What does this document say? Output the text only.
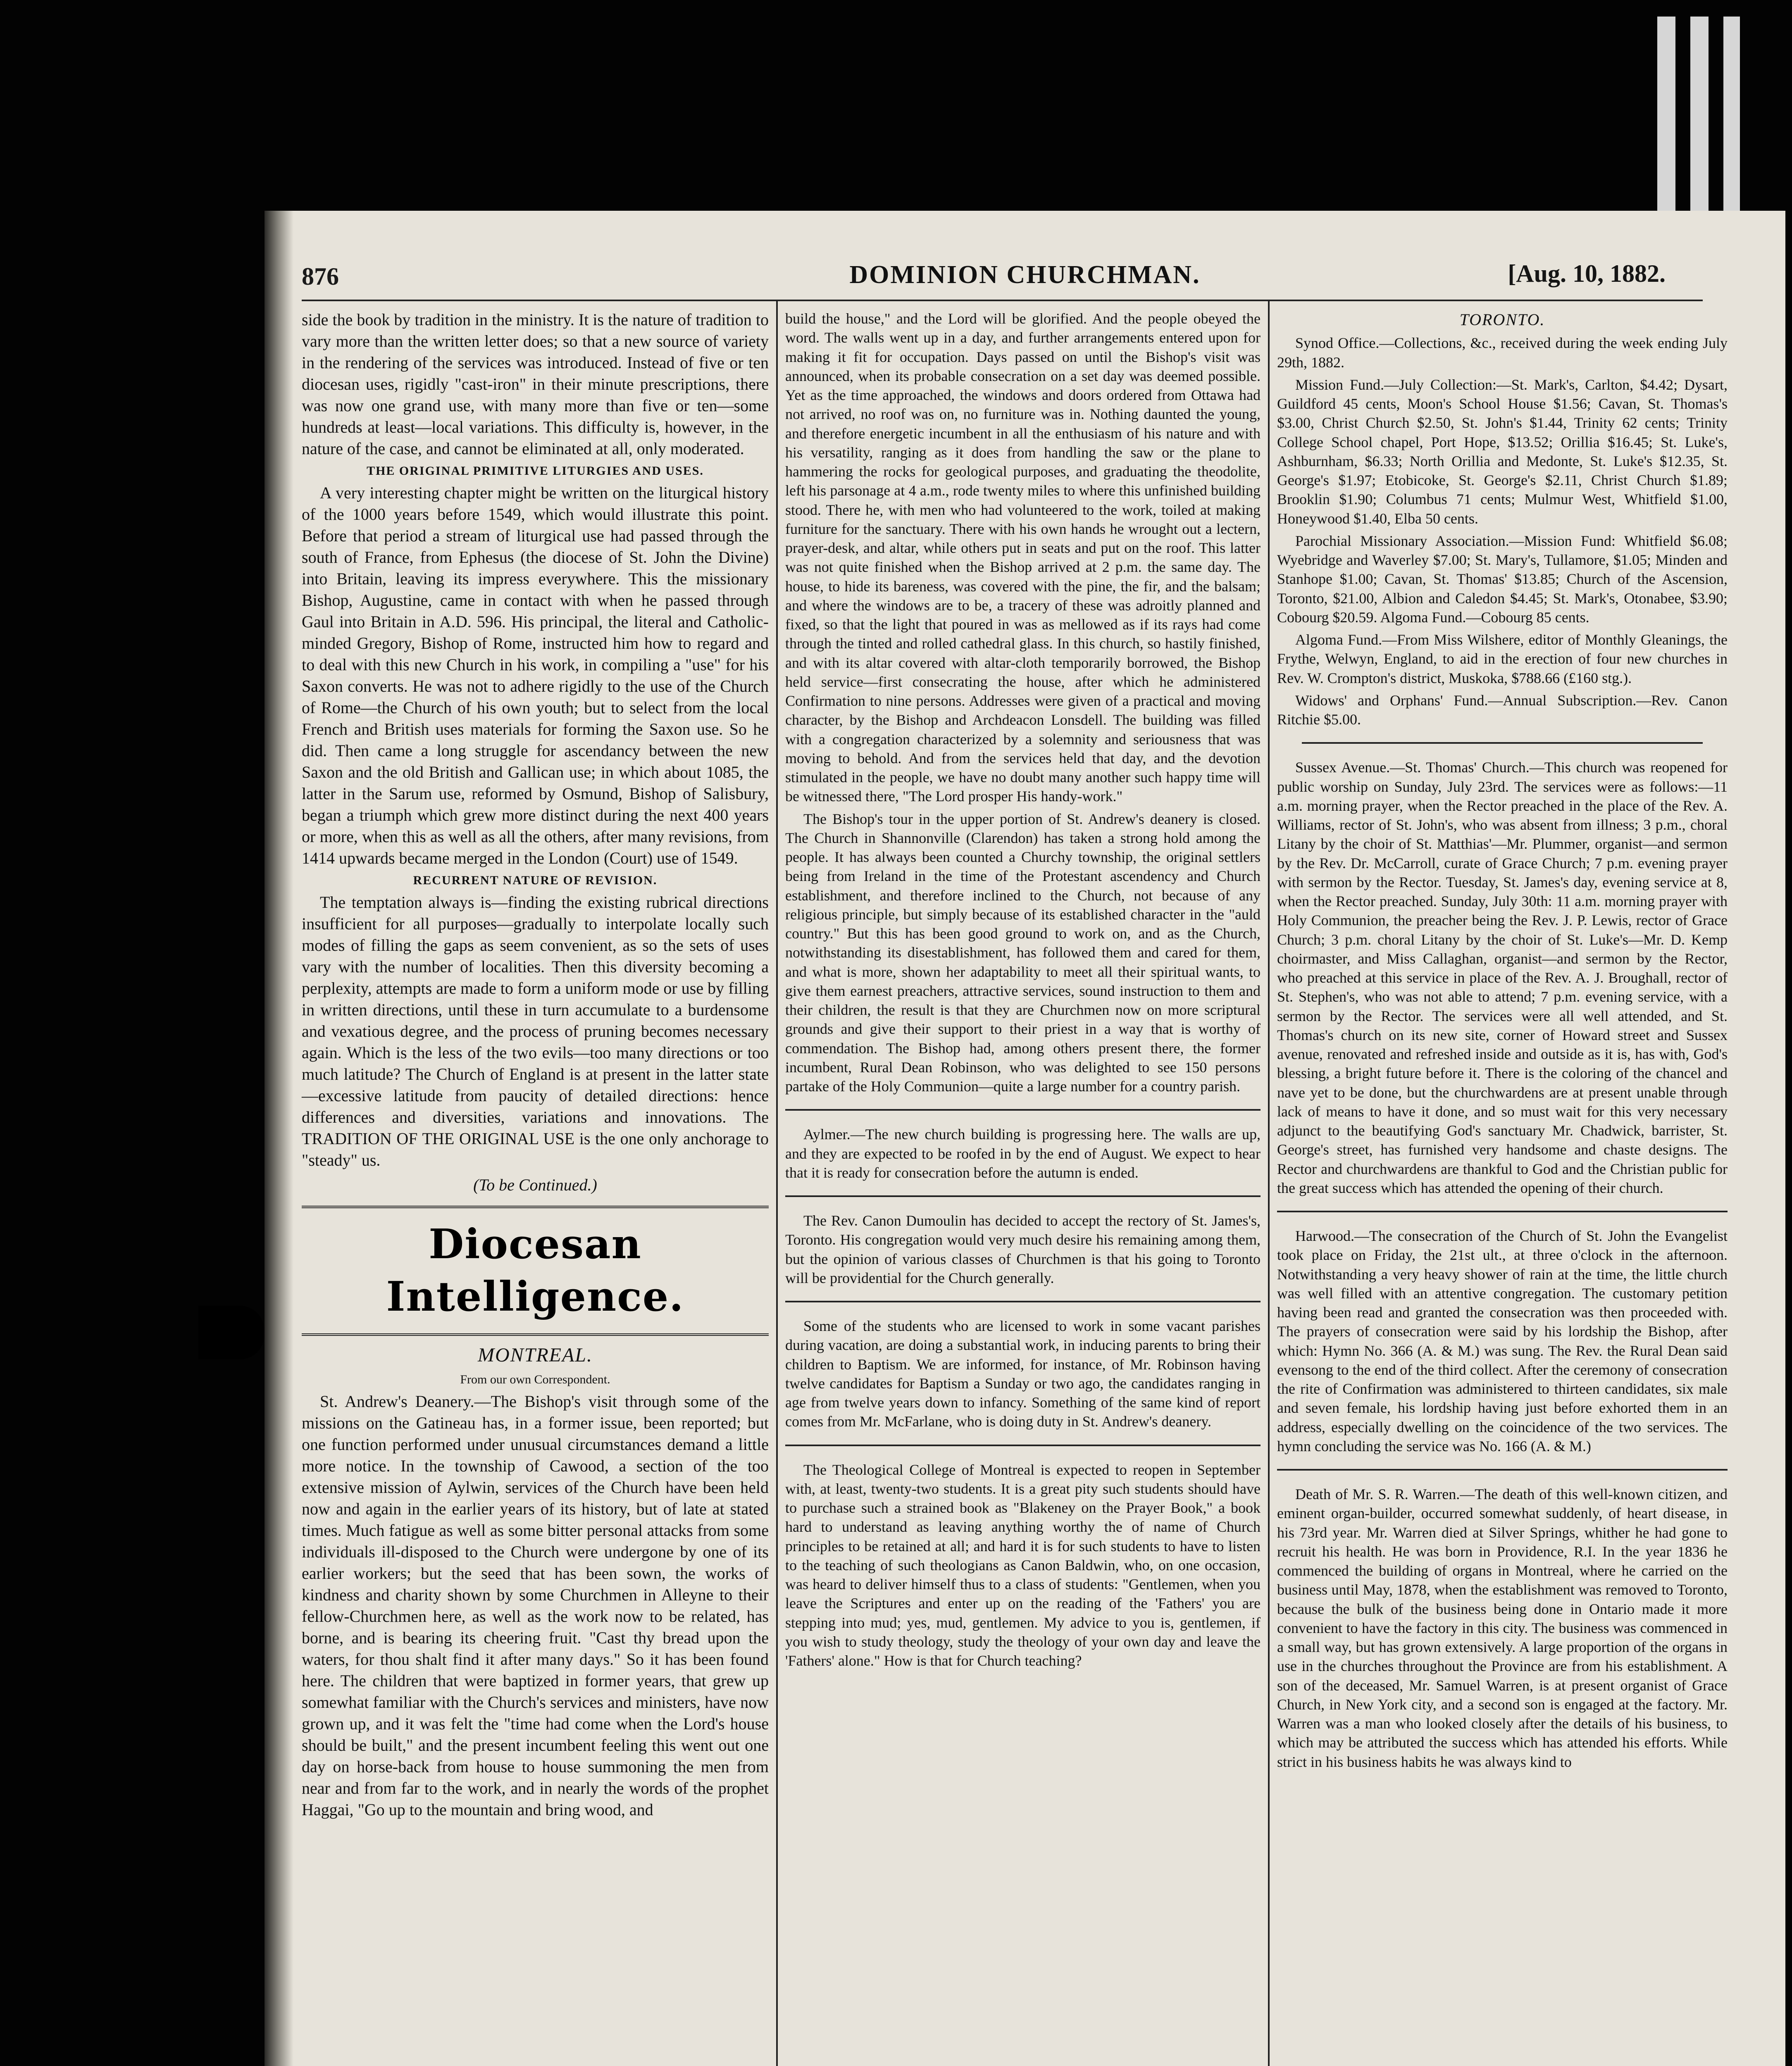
876	DOMINION CHURCHMAN.	[Aug. 10, 1882.

side the book by tradition in the ministry. It is the nature of tradition to vary more than the written letter does; so that a new source of variety in the rendering of the services was introduced. Instead of five or ten diocesan uses, rigidly "cast-iron" in their minute prescriptions, there was now one grand use, with many more than five or ten—some hundreds at least—local variations. This difficulty is, however, in the nature of the case, and cannot be eliminated at all, only moderated.

THE ORIGINAL PRIMITIVE LITURGIES AND USES.

A very interesting chapter might be written on the liturgical history of the 1000 years before 1549, which would illustrate this point. Before that period a stream of liturgical use had passed through the south of France, from Ephesus (the diocese of St. John the Divine) into Britain, leaving its impress everywhere. This the missionary Bishop, Augustine, came in contact with when he passed through Gaul into Britain in A.D. 596. His principal, the literal and Catholic-minded Gregory, Bishop of Rome, instructed him how to regard and to deal with this new Church in his work, in compiling a "use" for his Saxon converts. He was not to adhere rigidly to the use of the Church of Rome—the Church of his own youth; but to select from the local French and British uses materials for forming the Saxon use. So he did. Then came a long struggle for ascendancy between the new Saxon and the old British and Gallican use; in which about 1085, the latter in the Sarum use, reformed by Osmund, Bishop of Salisbury, began a triumph which grew more distinct during the next 400 years or more, when this as well as all the others, after many revisions, from 1414 upwards became merged in the London (Court) use of 1549.

RECURRENT NATURE OF REVISION.

The temptation always is—finding the existing rubrical directions insufficient for all purposes—gradually to interpolate locally such modes of filling the gaps as seem convenient, as so the sets of uses vary with the number of localities. Then this diversity becoming a perplexity, attempts are made to form a uniform mode or use by filling in written directions, until these in turn accumulate to a burdensome and vexatious degree, and the process of pruning becomes necessary again. Which is the less of the two evils—too many directions or too much latitude? The Church of England is at present in the latter state—excessive latitude from paucity of detailed directions: hence differences and diversities, variations and innovations. The TRADITION OF THE ORIGINAL USE is the one only anchorage to "steady" us.

(To be Continued.)

Diocesan Intelligence.

MONTREAL.

From our own Correspondent.

St. Andrew's Deanery.—The Bishop's visit through some of the missions on the Gatineau has, in a former issue, been reported; but one function performed under unusual circumstances demand a little more notice. In the township of Cawood, a section of the too extensive mission of Aylwin, services of the Church have been held now and again in the earlier years of its history, but of late at stated times. Much fatigue as well as some bitter personal attacks from some individuals ill-disposed to the Church were undergone by one of its earlier workers; but the seed that has been sown, the works of kindness and charity shown by some Churchmen in Alleyne to their fellow-Churchmen here, as well as the work now to be related, has borne, and is bearing its cheering fruit. "Cast thy bread upon the waters, for thou shalt find it after many days." So it has been found here. The children that were baptized in former years, that grew up somewhat familiar with the Church's services and ministers, have now grown up, and it was felt the "time had come when the Lord's house should be built," and the present incumbent feeling this went out one day on horse-back from house to house summoning the men from near and from far to the work, and in nearly the words of the prophet Haggai, "Go up to the mountain and bring wood, and

build the house," and the Lord will be glorified. And the people obeyed the word. The walls went up in a day, and further arrangements entered upon for making it fit for occupation. Days passed on until the Bishop's visit was announced, when its probable consecration on a set day was deemed possible. Yet as the time approached, the windows and doors ordered from Ottawa had not arrived, no roof was on, no furniture was in. Nothing daunted the young, and therefore energetic incumbent in all the enthusiasm of his nature and with his versatility, ranging as it does from handling the saw or the plane to hammering the rocks for geological purposes, and graduating the theodolite, left his parsonage at 4 a.m., rode twenty miles to where this unfinished building stood. There he, with men who had volunteered to the work, toiled at making furniture for the sanctuary. There with his own hands he wrought out a lectern, prayer-desk, and altar, while others put in seats and put on the roof. This latter was not quite finished when the Bishop arrived at 2 p.m. the same day. The house, to hide its bareness, was covered with the pine, the fir, and the balsam; and where the windows are to be, a tracery of these was adroitly planned and fixed, so that the light that poured in was as mellowed as if its rays had come through the tinted and rolled cathedral glass. In this church, so hastily finished, and with its altar covered with altar-cloth temporarily borrowed, the Bishop held service—first consecrating the house, after which he administered Confirmation to nine persons. Addresses were given of a practical and moving character, by the Bishop and Archdeacon Lonsdell. The building was filled with a congregation characterized by a solemnity and seriousness that was moving to behold. And from the services held that day, and the devotion stimulated in the people, we have no doubt many another such happy time will be witnessed there, "The Lord prosper His handy-work."

The Bishop's tour in the upper portion of St. Andrew's deanery is closed. The Church in Shannonville (Clarendon) has taken a strong hold among the people. It has always been counted a Churchy township, the original settlers being from Ireland in the time of the Protestant ascendency and Church establishment, and therefore inclined to the Church, not because of any religious principle, but simply because of its established character in the "auld country." But this has been good ground to work on, and as the Church, notwithstanding its disestablishment, has followed them and cared for them, and what is more, shown her adaptability to meet all their spiritual wants, to give them earnest preachers, attractive services, sound instruction to them and their children, the result is that they are Churchmen now on more scriptural grounds and give their support to their priest in a way that is worthy of commendation. The Bishop had, among others present there, the former incumbent, Rural Dean Robinson, who was delighted to see 150 persons partake of the Holy Communion—quite a large number for a country parish.

Aylmer.—The new church building is progressing here. The walls are up, and they are expected to be roofed in by the end of August. We expect to hear that it is ready for consecration before the autumn is ended.

The Rev. Canon Dumoulin has decided to accept the rectory of St. James's, Toronto. His congregation would very much desire his remaining among them, but the opinion of various classes of Churchmen is that his going to Toronto will be providential for the Church generally.

Some of the students who are licensed to work in some vacant parishes during vacation, are doing a substantial work, in inducing parents to bring their children to Baptism. We are informed, for instance, of Mr. Robinson having twelve candidates for Baptism a Sunday or two ago, the candidates ranging in age from twelve years down to infancy. Something of the same kind of report comes from Mr. McFarlane, who is doing duty in St. Andrew's deanery.

The Theological College of Montreal is expected to reopen in September with, at least, twenty-two students. It is a great pity such students should have to purchase such a strained book as "Blakeney on the Prayer Book," a book hard to understand as leaving anything worthy the of name of Church principles to be retained at all; and hard it is for such students to have to listen to the teaching of such theologians as Canon Baldwin, who, on one occasion, was heard to deliver himself thus to a class of students: "Gentlemen, when you leave the Scriptures and enter up on the reading of the 'Fathers' you are stepping into mud; yes, mud, gentlemen. My advice to you is, gentlemen, if you wish to study theology, study the theology of your own day and leave the 'Fathers' alone." How is that for Church teaching?

TORONTO.

Synod Office.—Collections, &c., received during the week ending July 29th, 1882.

Mission Fund.—July Collection:—St. Mark's, Carlton, $4.42; Dysart, Guildford 45 cents, Moon's School House $1.56; Cavan, St. Thomas's $3.00, Christ Church $2.50, St. John's $1.44, Trinity 62 cents; Trinity College School chapel, Port Hope, $13.52; Orillia $16.45; St. Luke's, Ashburnham, $6.33; North Orillia and Medonte, St. Luke's $12.35, St. George's $1.97; Etobicoke, St. George's $2.11, Christ Church $1.89; Brooklin $1.90; Columbus 71 cents; Mulmur West, Whitfield $1.00, Honeywood $1.40, Elba 50 cents.

Parochial Missionary Association.—Mission Fund: Whitfield $6.08; Wyebridge and Waverley $7.00; St. Mary's, Tullamore, $1.05; Minden and Stanhope $1.00; Cavan, St. Thomas' $13.85; Church of the Ascension, Toronto, $21.00, Albion and Caledon $4.45; St. Mark's, Otonabee, $3.90; Cobourg $20.59. Algoma Fund.—Cobourg 85 cents.

Algoma Fund.—From Miss Wilshere, editor of Monthly Gleanings, the Frythe, Welwyn, England, to aid in the erection of four new churches in Rev. W. Crompton's district, Muskoka, $788.66 (£160 stg.).

Widows' and Orphans' Fund.—Annual Subscription.—Rev. Canon Ritchie $5.00.

Sussex Avenue.—St. Thomas' Church.—This church was reopened for public worship on Sunday, July 23rd. The services were as follows:—11 a.m. morning prayer, when the Rector preached in the place of the Rev. A. Williams, rector of St. John's, who was absent from illness; 3 p.m., choral Litany by the choir of St. Matthias'—Mr. Plummer, organist—and sermon by the Rev. Dr. McCarroll, curate of Grace Church; 7 p.m. evening prayer with sermon by the Rector. Tuesday, St. James's day, evening service at 8, when the Rector preached. Sunday, July 30th: 11 a.m. morning prayer with Holy Communion, the preacher being the Rev. J. P. Lewis, rector of Grace Church; 3 p.m. choral Litany by the choir of St. Luke's—Mr. D. Kemp choirmaster, and Miss Callaghan, organist—and sermon by the Rector, who preached at this service in place of the Rev. A. J. Broughall, rector of St. Stephen's, who was not able to attend; 7 p.m. evening service, with a sermon by the Rector. The services were all well attended, and St. Thomas's church on its new site, corner of Howard street and Sussex avenue, renovated and refreshed inside and outside as it is, has with, God's blessing, a bright future before it. There is the coloring of the chancel and nave yet to be done, but the churchwardens are at present unable through lack of means to have it done, and so must wait for this very necessary adjunct to the beautifying God's sanctuary Mr. Chadwick, barrister, St. George's street, has furnished very handsome and chaste designs. The Rector and churchwardens are thankful to God and the Christian public for the great success which has attended the opening of their church.

Harwood.—The consecration of the Church of St. John the Evangelist took place on Friday, the 21st ult., at three o'clock in the afternoon. Notwithstanding a very heavy shower of rain at the time, the little church was well filled with an attentive congregation. The customary petition having been read and granted the consecration was then proceeded with. The prayers of consecration were said by his lordship the Bishop, after which: Hymn No. 366 (A. & M.) was sung. The Rev. the Rural Dean said evensong to the end of the third collect. After the ceremony of consecration the rite of Confirmation was administered to thirteen candidates, six male and seven female, his lordship having just before exhorted them in an address, especially dwelling on the coincidence of the two services. The hymn concluding the service was No. 166 (A. & M.)

Death of Mr. S. R. Warren.—The death of this well-known citizen, and eminent organ-builder, occurred somewhat suddenly, of heart disease, in his 73rd year. Mr. Warren died at Silver Springs, whither he had gone to recruit his health. He was born in Providence, R.I. In the year 1836 he commenced the building of organs in Montreal, where he carried on the business until May, 1878, when the establishment was removed to Toronto, because the bulk of the business being done in Ontario made it more convenient to have the factory in this city. The business was commenced in a small way, but has grown extensively. A large proportion of the organs in use in the churches throughout the Province are from his establishment. A son of the deceased, Mr. Samuel Warren, is at present organist of Grace Church, in New York city, and a second son is engaged at the factory. Mr. Warren was a man who looked closely after the details of his business, to which may be attributed the success which has attended his efforts. While strict in his business habits he was always kind to
